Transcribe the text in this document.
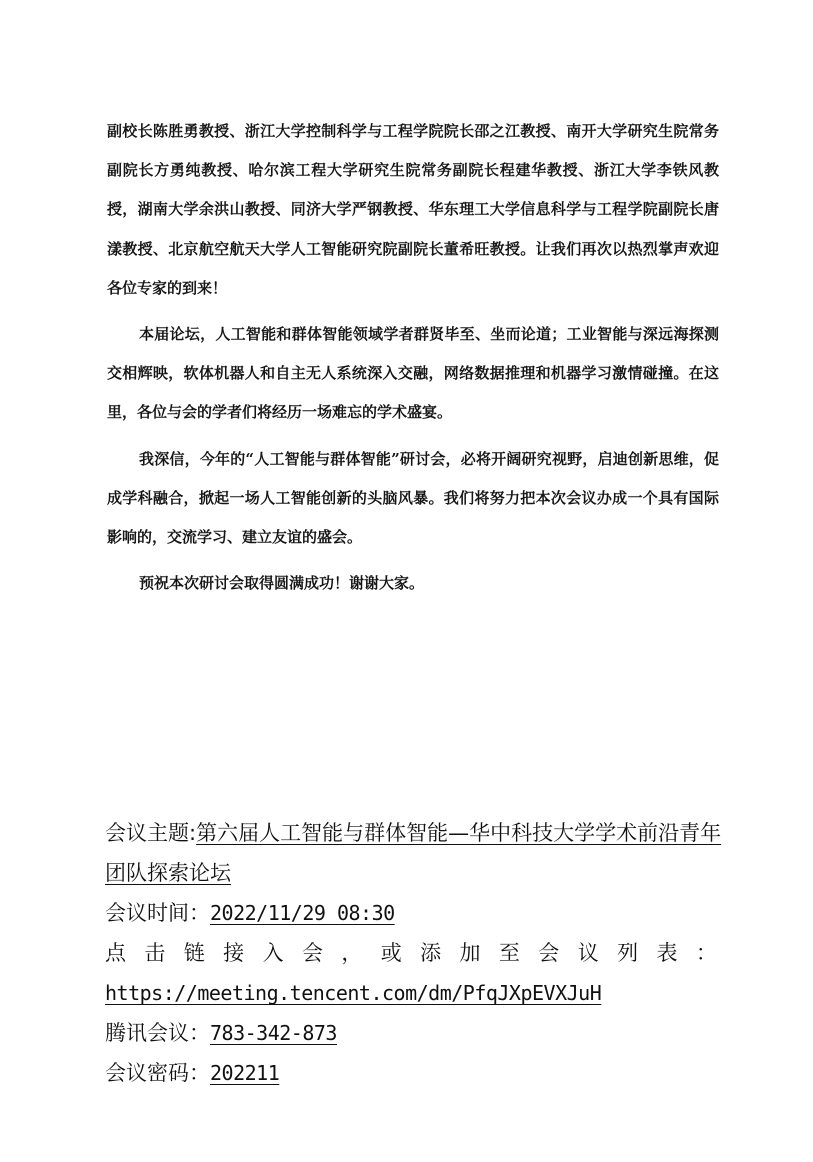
副校长陈胜勇教授、浙江大学控制科学与工程学院院长邵之江教授、南开大学研究生院常务副院长方勇纯教授、哈尔滨工程大学研究生院常务副院长程建华教授、浙江大学李铁风教授，湖南大学余洪山教授、同济大学严钢教授、华东理工大学信息科学与工程学院副院长唐漾教授、北京航空航天大学人工智能研究院副院长董希旺教授。让我们再次以热烈掌声欢迎各位专家的到来！

本届论坛，人工智能和群体智能领域学者群贤毕至、坐而论道；工业智能与深远海探测交相辉映，软体机器人和自主无人系统深入交融，网络数据推理和机器学习激情碰撞。在这里，各位与会的学者们将经历一场难忘的学术盛宴。

我深信，今年的“人工智能与群体智能”研讨会，必将开阔研究视野，启迪创新思维，促成学科融合，掀起一场人工智能创新的头脑风暴。我们将努力把本次会议办成一个具有国际影响的，交流学习、建立友谊的盛会。

预祝本次研讨会取得圆满成功！谢谢大家。

会议主题:第六届人工智能与群体智能—华中科技大学学术前沿青年团队探索论坛
会议时间：2022/11/29 08:30
点 击 链 接 入 会 ， 或 添 加 至 会 议 列 表 ：
https://meeting.tencent.com/dm/PfqJXpEVXJuH
腾讯会议：783-342-873
会议密码：202211
